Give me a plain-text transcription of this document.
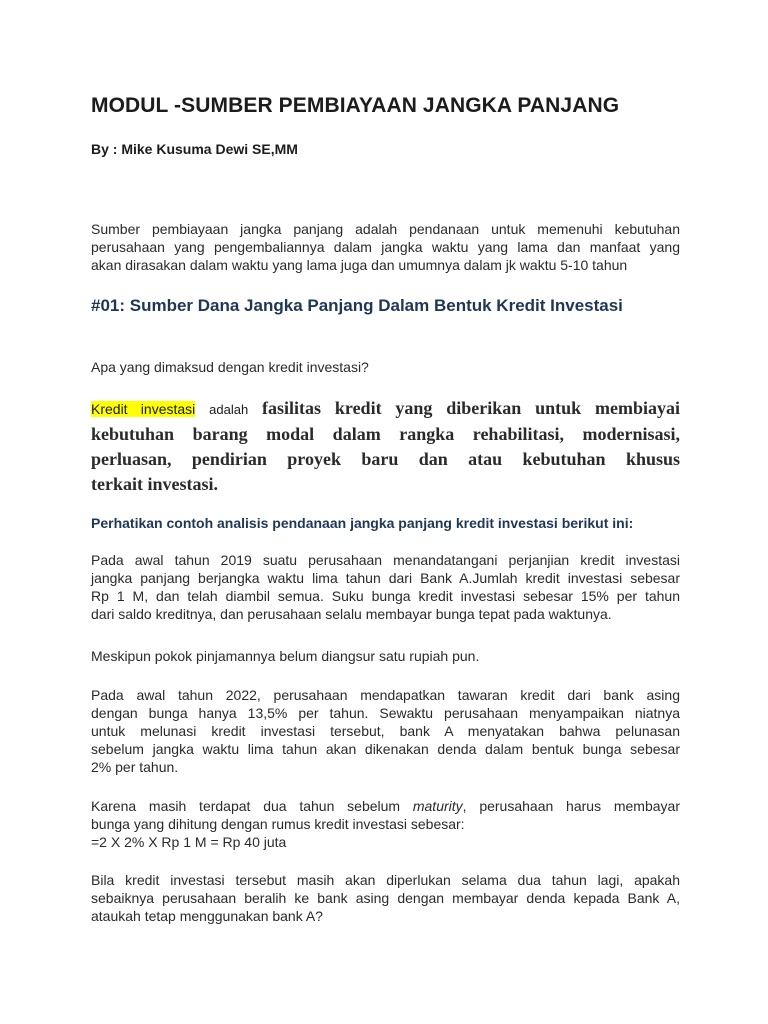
MODUL -SUMBER PEMBIAYAAN JANGKA PANJANG

By : Mike Kusuma Dewi SE,MM

Sumber pembiayaan jangka panjang adalah pendanaan untuk memenuhi kebutuhan
perusahaan yang pengembaliannya dalam jangka waktu yang lama dan manfaat yang
akan dirasakan dalam waktu yang lama juga dan umumnya dalam jk waktu 5-10 tahun
#01: Sumber Dana Jangka Panjang Dalam Bentuk Kredit Investasi

Apa yang dimaksud dengan kredit investasi?

Kredit investasi adalah fasilitas kredit yang diberikan untuk membiayai
kebutuhan barang modal dalam rangka rehabilitasi, modernisasi,
perluasan, pendirian proyek baru dan atau kebutuhan khusus
terkait investasi.
Perhatikan contoh analisis pendanaan jangka panjang kredit investasi berikut ini:
Pada awal tahun 2019 suatu perusahaan menandatangani perjanjian kredit investasi
jangka panjang berjangka waktu lima tahun dari Bank A.Jumlah kredit investasi sebesar
Rp 1 M, dan telah diambil semua. Suku bunga kredit investasi sebesar 15% per tahun
dari saldo kreditnya, dan perusahaan selalu membayar bunga tepat pada waktunya.
Meskipun pokok pinjamannya belum diangsur satu rupiah pun.
Pada awal tahun 2022, perusahaan mendapatkan tawaran kredit dari bank asing
dengan bunga hanya 13,5% per tahun. Sewaktu perusahaan menyampaikan niatnya
untuk melunasi kredit investasi tersebut, bank A menyatakan bahwa pelunasan
sebelum jangka waktu lima tahun akan dikenakan denda dalam bentuk bunga sebesar
2% per tahun.
Karena masih terdapat dua tahun sebelum maturity, perusahaan harus membayar
bunga yang dihitung dengan rumus kredit investasi sebesar:
=2 X 2% X Rp 1 M = Rp 40 juta
Bila kredit investasi tersebut masih akan diperlukan selama dua tahun lagi, apakah
sebaiknya perusahaan beralih ke bank asing dengan membayar denda kepada Bank A,
ataukah tetap menggunakan bank A?
